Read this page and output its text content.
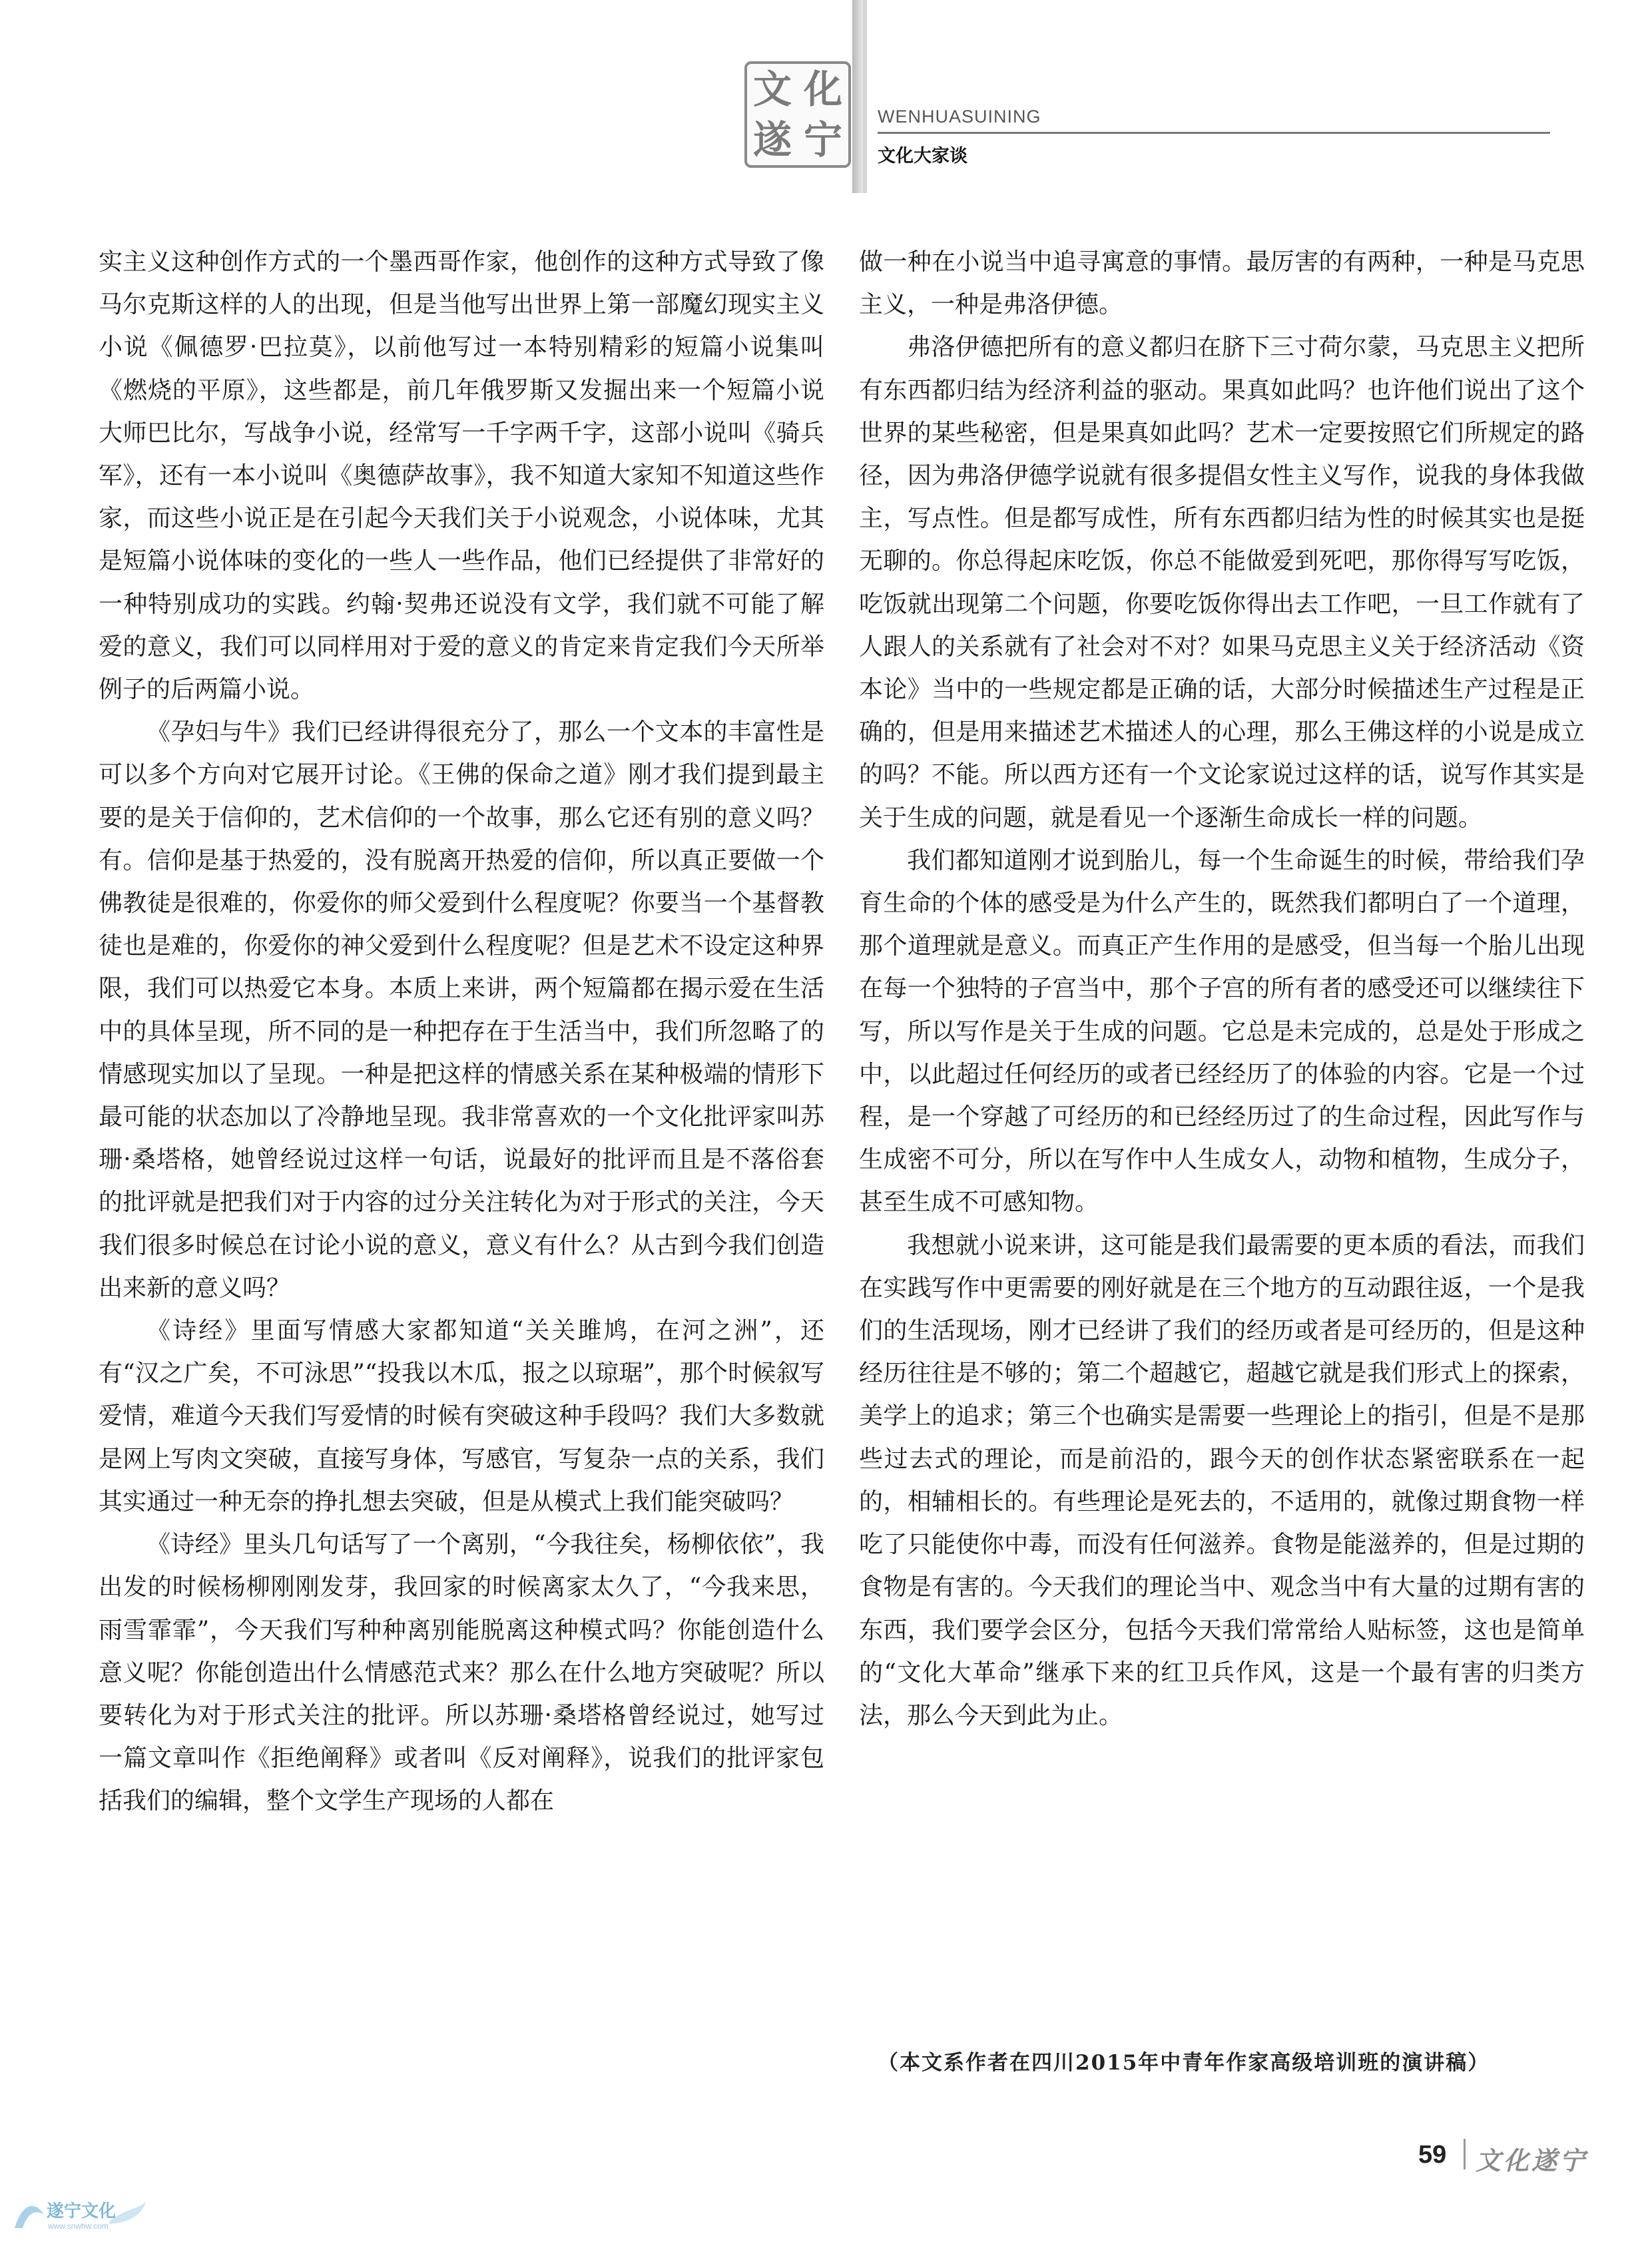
文 化
遂 宁
WENHUASUINING
文化大家谈

实主义这种创作方式的一个墨西哥作家，他创作的这种方式导致了像马尔克斯这样的人的出现，但是当他写出世界上第一部魔幻现实主义小说《佩德罗·巴拉莫》，以前他写过一本特别精彩的短篇小说集叫《燃烧的平原》，这些都是，前几年俄罗斯又发掘出来一个短篇小说大师巴比尔，写战争小说，经常写一千字两千字，这部小说叫《骑兵军》，还有一本小说叫《奥德萨故事》，我不知道大家知不知道这些作家，而这些小说正是在引起今天我们关于小说观念，小说体味，尤其是短篇小说体味的变化的一些人一些作品，他们已经提供了非常好的一种特别成功的实践。约翰·契弗还说没有文学，我们就不可能了解爱的意义，我们可以同样用对于爱的意义的肯定来肯定我们今天所举例子的后两篇小说。

《孕妇与牛》我们已经讲得很充分了，那么一个文本的丰富性是可以多个方向对它展开讨论。《王佛的保命之道》刚才我们提到最主要的是关于信仰的，艺术信仰的一个故事，那么它还有别的意义吗？有。信仰是基于热爱的，没有脱离开热爱的信仰，所以真正要做一个佛教徒是很难的，你爱你的师父爱到什么程度呢？你要当一个基督教徒也是难的，你爱你的神父爱到什么程度呢？但是艺术不设定这种界限，我们可以热爱它本身。本质上来讲，两个短篇都在揭示爱在生活中的具体呈现，所不同的是一种把存在于生活当中，我们所忽略了的情感现实加以了呈现。一种是把这样的情感关系在某种极端的情形下最可能的状态加以了冷静地呈现。我非常喜欢的一个文化批评家叫苏珊·桑塔格，她曾经说过这样一句话，说最好的批评而且是不落俗套的批评就是把我们对于内容的过分关注转化为对于形式的关注，今天我们很多时候总在讨论小说的意义，意义有什么？从古到今我们创造出来新的意义吗？

《诗经》里面写情感大家都知道“关关雎鸠，在河之洲”，还有“汉之广矣，不可泳思”“投我以木瓜，报之以琼琚”，那个时候叙写爱情，难道今天我们写爱情的时候有突破这种手段吗？我们大多数就是网上写肉文突破，直接写身体，写感官，写复杂一点的关系，我们其实通过一种无奈的挣扎想去突破，但是从模式上我们能突破吗？

《诗经》里头几句话写了一个离别，“今我往矣，杨柳依依”，我出发的时候杨柳刚刚发芽，我回家的时候离家太久了，“今我来思，雨雪霏霏”，今天我们写种种离别能脱离这种模式吗？你能创造什么意义呢？你能创造出什么情感范式来？那么在什么地方突破呢？所以要转化为对于形式关注的批评。所以苏珊·桑塔格曾经说过，她写过一篇文章叫作《拒绝阐释》或者叫《反对阐释》，说我们的批评家包括我们的编辑，整个文学生产现场的人都在

做一种在小说当中追寻寓意的事情。最厉害的有两种，一种是马克思主义，一种是弗洛伊德。

弗洛伊德把所有的意义都归在脐下三寸荷尔蒙，马克思主义把所有东西都归结为经济利益的驱动。果真如此吗？也许他们说出了这个世界的某些秘密，但是果真如此吗？艺术一定要按照它们所规定的路径，因为弗洛伊德学说就有很多提倡女性主义写作，说我的身体我做主，写点性。但是都写成性，所有东西都归结为性的时候其实也是挺无聊的。你总得起床吃饭，你总不能做爱到死吧，那你得写写吃饭，吃饭就出现第二个问题，你要吃饭你得出去工作吧，一旦工作就有了人跟人的关系就有了社会对不对？如果马克思主义关于经济活动《资本论》当中的一些规定都是正确的话，大部分时候描述生产过程是正确的，但是用来描述艺术描述人的心理，那么王佛这样的小说是成立的吗？不能。所以西方还有一个文论家说过这样的话，说写作其实是关于生成的问题，就是看见一个逐渐生命成长一样的问题。

我们都知道刚才说到胎儿，每一个生命诞生的时候，带给我们孕育生命的个体的感受是为什么产生的，既然我们都明白了一个道理，那个道理就是意义。而真正产生作用的是感受，但当每一个胎儿出现在每一个独特的子宫当中，那个子宫的所有者的感受还可以继续往下写，所以写作是关于生成的问题。它总是未完成的，总是处于形成之中，以此超过任何经历的或者已经经历了的体验的内容。它是一个过程，是一个穿越了可经历的和已经经历过了的生命过程，因此写作与生成密不可分，所以在写作中人生成女人，动物和植物，生成分子，甚至生成不可感知物。

我想就小说来讲，这可能是我们最需要的更本质的看法，而我们在实践写作中更需要的刚好就是在三个地方的互动跟往返，一个是我们的生活现场，刚才已经讲了我们的经历或者是可经历的，但是这种经历往往是不够的；第二个超越它，超越它就是我们形式上的探索，美学上的追求；第三个也确实是需要一些理论上的指引，但是不是那些过去式的理论，而是前沿的，跟今天的创作状态紧密联系在一起的，相辅相长的。有些理论是死去的，不适用的，就像过期食物一样吃了只能使你中毒，而没有任何滋养。食物是能滋养的，但是过期的食物是有害的。今天我们的理论当中、观念当中有大量的过期有害的东西，我们要学会区分，包括今天我们常常给人贴标签，这也是简单的“文化大革命”继承下来的红卫兵作风，这是一个最有害的归类方法，那么今天到此为止。

（本文系作者在四川2015年中青年作家高级培训班的演讲稿）
59 文化遂宁
遂宁文化
www.snwhw.com
